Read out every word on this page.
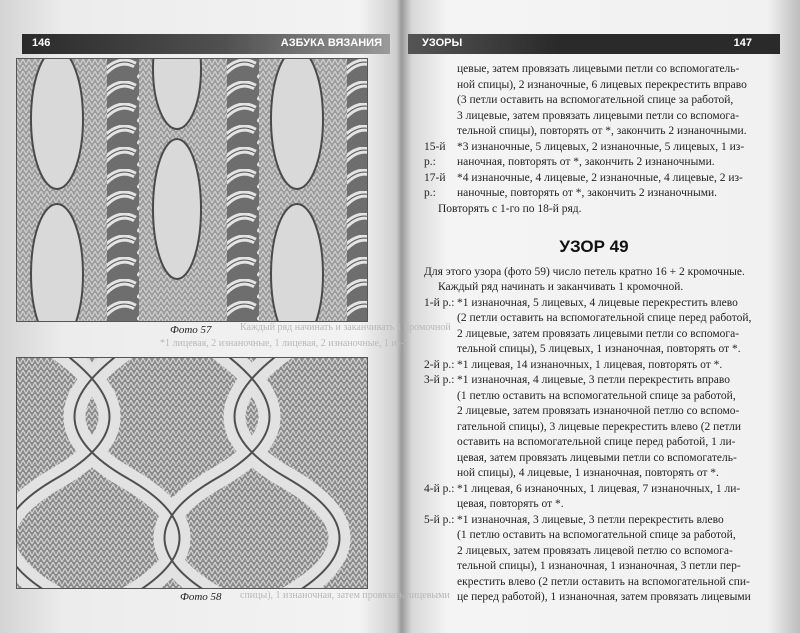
146	АЗБУКА ВЯЗАНИЯ
Фото 57	Каждый ряд начинать и заканчивать 1 кромочной
*1 лицевая, 2 изнаночные, 1 лицевая, 2 изнаночные, 1 из-
Фото 58 спицы), 1 изнаночная, затем провязать лицевыми
УЗОРЫ	147
цевые, затем провязать лицевыми петли со вспомогатель-
ной спицы), 2 изнаночные, 6 лицевых перекрестить вправо
(3 петли оставить на вспомогательной спице за работой,
3 лицевые, затем провязать лицевыми петли со вспомога-
тельной спицы), повторять от *, закончить 2 изнаночными.
15-й р.:
*3 изнаночные, 5 лицевых, 2 изнаночные, 5 лицевых, 1 из-
наночная, повторять от *, закончить 2 изнаночными.
17-й р.:
*4 изнаночные, 4 лицевые, 2 изнаночные, 4 лицевые, 2 из-
наночные, повторять от *, закончить 2 изнаночными.
Повторять с 1-го по 18-й ряд.
УЗОР 49
Для этого узора (фото 59) число петель кратно 16 + 2 кромочные.
Каждый ряд начинать и заканчивать 1 кромочной.
1-й р.: *1 изнаночная, 5 лицевых, 4 лицевые перекрестить влево
(2 петли оставить на вспомогательной спице перед работой,
2 лицевые, затем провязать лицевыми петли со вспомога-
тельной спицы), 5 лицевых, 1 изнаночная, повторять от *.
2-й р.: *1 лицевая, 14 изнаночных, 1 лицевая, повторять от *.
3-й р.: *1 изнаночная, 4 лицевые, 3 петли перекрестить вправо
(1 петлю оставить на вспомогательной спице за работой,
2 лицевые, затем провязать изнаночной петлю со вспомо-
гательной спицы), 3 лицевые перекрестить влево (2 петли
оставить на вспомогательной спице перед работой, 1 ли-
цевая, затем провязать лицевыми петли со вспомогатель-
ной спицы), 4 лицевые, 1 изнаночная, повторять от *.
4-й р.: *1 лицевая, 6 изнаночных, 1 лицевая, 7 изнаночных, 1 ли-
цевая, повторять от *.
5-й р.: *1 изнаночная, 3 лицевые, 3 петли перекрестить влево
(1 петлю оставить на вспомогательной спице за работой,
2 лицевых, затем провязать лицевой петлю со вспомога-
тельной спицы), 1 изнаночная, 1 изнаночная, 3 петли пер-
екрестить влево (2 петли оставить на вспомогательной спи-
це перед работой), 1 изнаночная, затем провязать лицевыми
